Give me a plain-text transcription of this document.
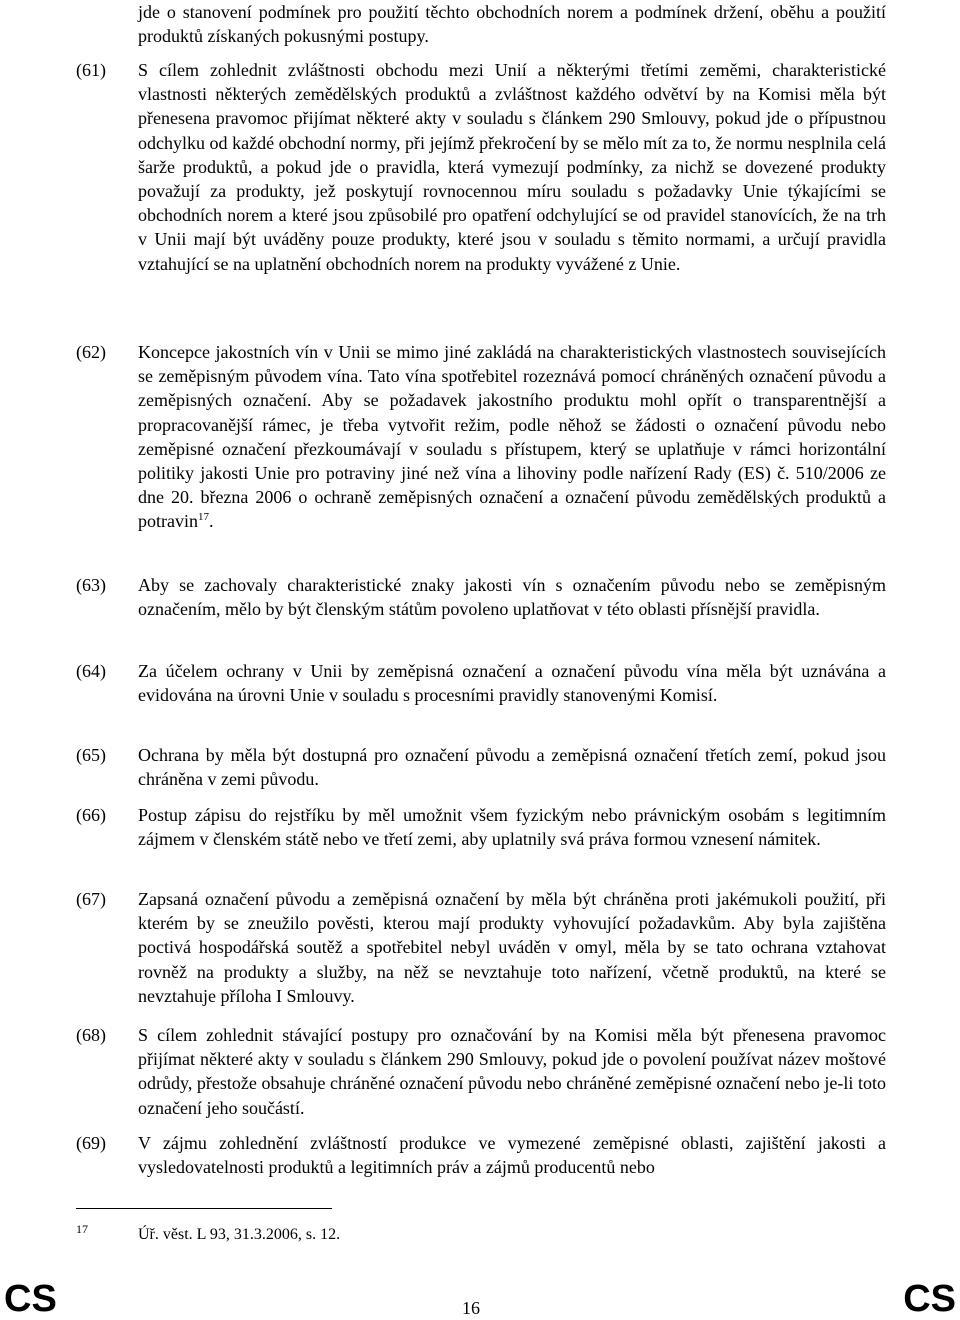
jde o stanovení podmínek pro použití těchto obchodních norem a podmínek držení, oběhu a použití produktů získaných pokusnými postupy.
(61)	S cílem zohlednit zvláštnosti obchodu mezi Unií a některými třetími zeměmi, charakteristické vlastnosti některých zemědělských produktů a zvláštnost každého odvětví by na Komisi měla být přenesena pravomoc přijímat některé akty v souladu s článkem 290 Smlouvy, pokud jde o přípustnou odchylku od každé obchodní normy, při jejímž překročení by se mělo mít za to, že normu nesplnila celá šarže produktů, a pokud jde o pravidla, která vymezují podmínky, za nichž se dovezené produkty považují za produkty, jež poskytují rovnocennou míru souladu s požadavky Unie týkajícími se obchodních norem a které jsou způsobilé pro opatření odchylující se od pravidel stanovících, že na trh v Unii mají být uváděny pouze produkty, které jsou v souladu s těmito normami, a určují pravidla vztahující se na uplatnění obchodních norem na produkty vyvážené z Unie.
(62)	Koncepce jakostních vín v Unii se mimo jiné zakládá na charakteristických vlastnostech souvisejících se zeměpisným původem vína. Tato vína spotřebitel rozeznává pomocí chráněných označení původu a zeměpisných označení. Aby se požadavek jakostního produktu mohl opřít o transparentnější a propracovanější rámec, je třeba vytvořit režim, podle něhož se žádosti o označení původu nebo zeměpisné označení přezkoumávají v souladu s přístupem, který se uplatňuje v rámci horizontální politiky jakosti Unie pro potraviny jiné než vína a lihoviny podle nařízení Rady (ES) č. 510/2006 ze dne 20. března 2006 o ochraně zeměpisných označení a označení původu zemědělských produktů a potravin$^{17}$.
(63)	Aby se zachovaly charakteristické znaky jakosti vín s označením původu nebo se zeměpisným označením, mělo by být členským státům povoleno uplatňovat v této oblasti přísnější pravidla.
(64)	Za účelem ochrany v Unii by zeměpisná označení a označení původu vína měla být uznávána a evidována na úrovni Unie v souladu s procesními pravidly stanovenými Komisí.
(65)	Ochrana by měla být dostupná pro označení původu a zeměpisná označení třetích zemí, pokud jsou chráněna v zemi původu.
(66)	Postup zápisu do rejstříku by měl umožnit všem fyzickým nebo právnickým osobám s legitimním zájmem v členském státě nebo ve třetí zemi, aby uplatnily svá práva formou vznesení námitek.
(67)	Zapsaná označení původu a zeměpisná označení by měla být chráněna proti jakémukoli použití, při kterém by se zneužilo pověsti, kterou mají produkty vyhovující požadavkům. Aby byla zajištěna poctivá hospodářská soutěž a spotřebitel nebyl uváděn v omyl, měla by se tato ochrana vztahovat rovněž na produkty a služby, na něž se nevztahuje toto nařízení, včetně produktů, na které se nevztahuje příloha I Smlouvy.
(68)	S cílem zohlednit stávající postupy pro označování by na Komisi měla být přenesena pravomoc přijímat některé akty v souladu s článkem 290 Smlouvy, pokud jde o povolení používat název moštové odrůdy, přestože obsahuje chráněné označení původu nebo chráněné zeměpisné označení nebo je-li toto označení jeho součástí.
(69)	V zájmu zohlednění zvláštností produkce ve vymezené zeměpisné oblasti, zajištění jakosti a vysledovatelnosti produktů a legitimních práv a zájmů producentů nebo
17	Úř. věst. L 93, 31.3.2006, s. 12.
CS	16	CS
